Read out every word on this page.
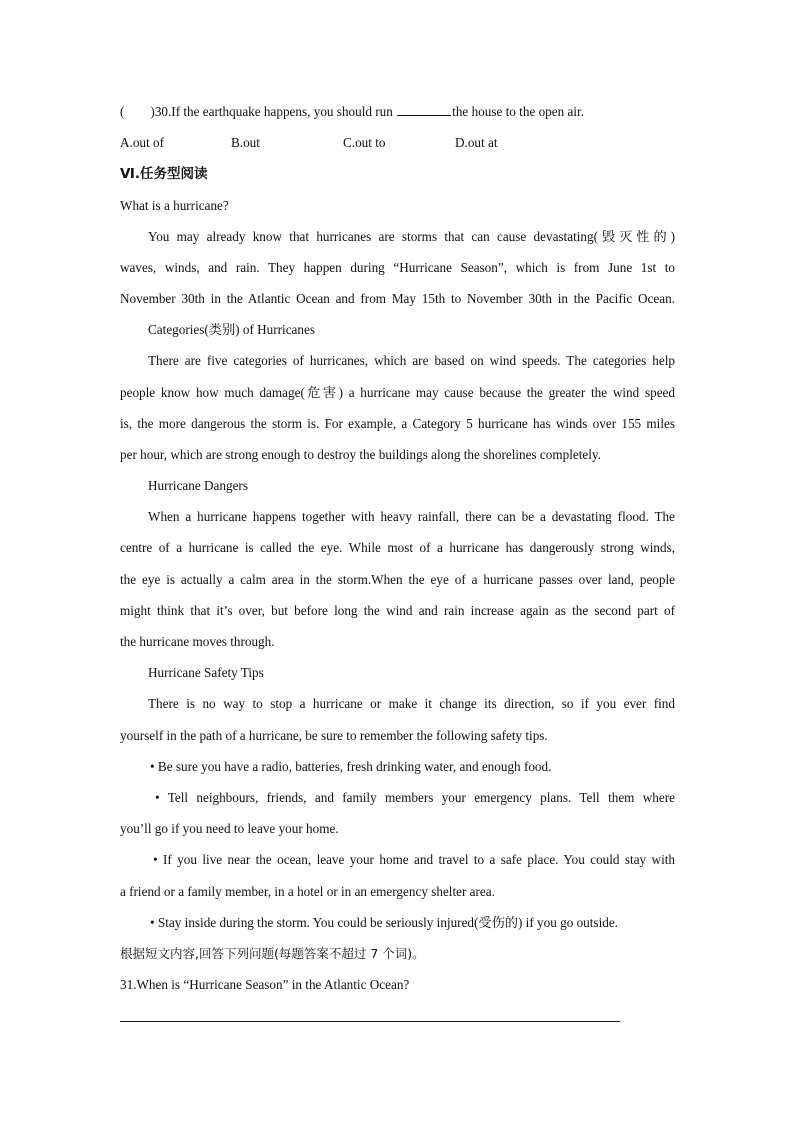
( )30.If the earthquake happens, you should run	the house to the open air.
A.out of	B.out	C.out to	D.out at
Ⅵ.任务型阅读
What is a hurricane?
You may already know that hurricanes are storms that can cause devastating(毁灭性的)
waves, winds, and rain. They happen during “Hurricane Season”, which is from June 1st to
November 30th in the Atlantic Ocean and from May 15th to November 30th in the Pacific Ocean.
Categories(类别) of Hurricanes
There are five categories of hurricanes, which are based on wind speeds. The categories help
people know how much damage(危害) a hurricane may cause because the greater the wind speed
is, the more dangerous the storm is. For example, a Category 5 hurricane has winds over 155 miles
per hour, which are strong enough to destroy the buildings along the shorelines completely.
Hurricane Dangers
When a hurricane happens together with heavy rainfall, there can be a devastating flood. The
centre of a hurricane is called the eye. While most of a hurricane has dangerously strong winds,
the eye is actually a calm area in the storm.When the eye of a hurricane passes over land, people
might think that it’s over, but before long the wind and rain increase again as the second part of
the hurricane moves through.
Hurricane Safety Tips
There is no way to stop a hurricane or make it change its direction, so if you ever find
yourself in the path of a hurricane, be sure to remember the following safety tips.
• Be sure you have a radio, batteries, fresh drinking water, and enough food.
• Tell neighbours, friends, and family members your emergency plans. Tell them where
you’ll go if you need to leave your home.
• If you live near the ocean, leave your home and travel to a safe place. You could stay with
a friend or a family member, in a hotel or in an emergency shelter area.
• Stay inside during the storm. You could be seriously injured(受伤的) if you go outside.
根据短文内容,回答下列问题(每题答案不超过 7 个词)。
31.When is “Hurricane Season” in the Atlantic Ocean?
